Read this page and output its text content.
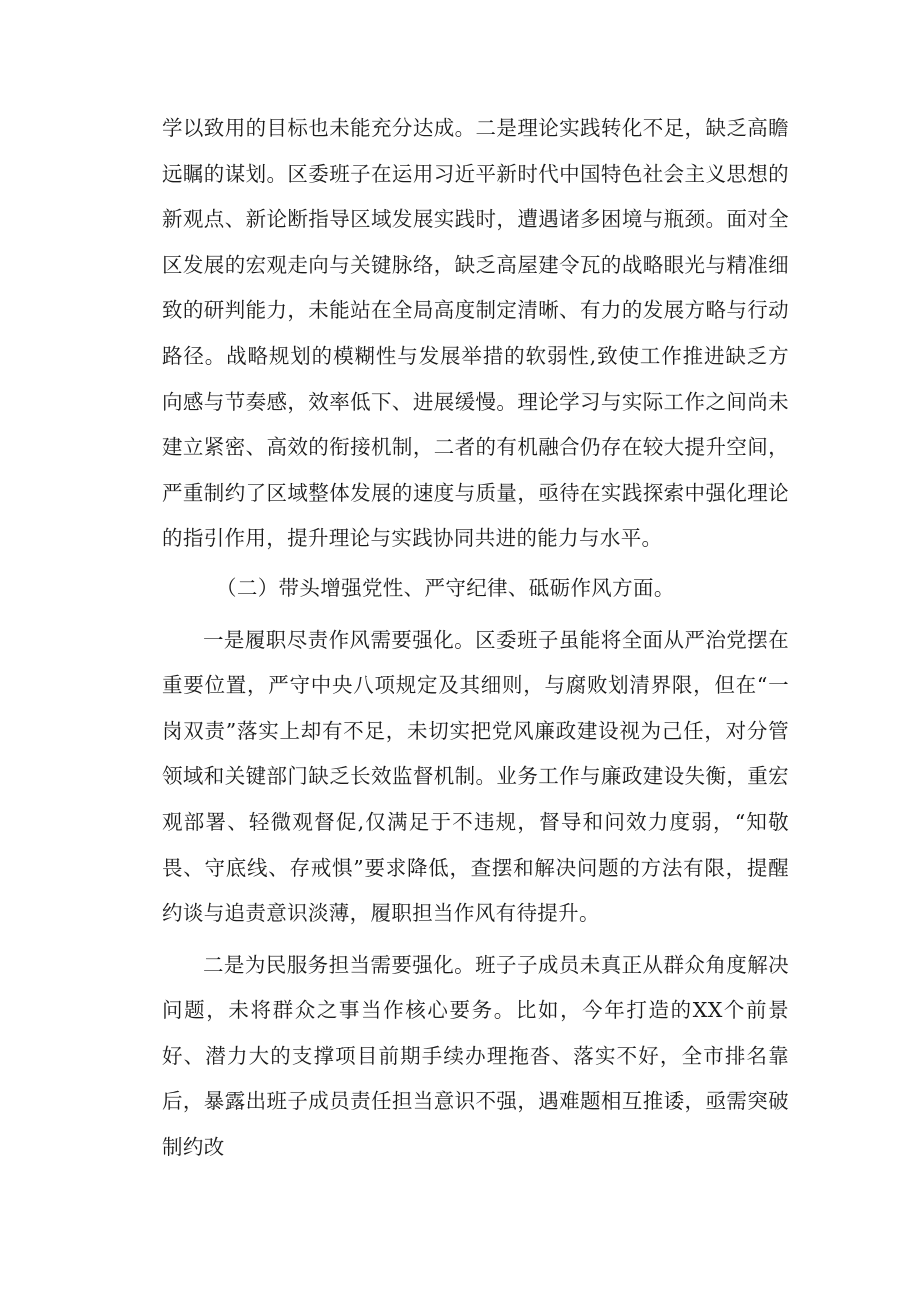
学以致用的目标也未能充分达成。二是理论实践转化不足，缺乏高瞻远瞩的谋划。区委班子在运用习近平新时代中国特色社会主义思想的新观点、新论断指导区域发展实践时，遭遇诸多困境与瓶颈。面对全区发展的宏观走向与关键脉络，缺乏高屋建令瓦的战略眼光与精准细致的研判能力，未能站在全局高度制定清晰、有力的发展方略与行动路径。战略规划的模糊性与发展举措的软弱性,致使工作推进缺乏方向感与节奏感，效率低下、进展缓慢。理论学习与实际工作之间尚未建立紧密、高效的衔接机制，二者的有机融合仍存在较大提升空间，严重制约了区域整体发展的速度与质量，亟待在实践探索中强化理论的指引作用，提升理论与实践协同共进的能力与水平。

（二）带头增强党性、严守纪律、砥砺作风方面。

一是履职尽责作风需要强化。区委班子虽能将全面从严治党摆在重要位置，严守中央八项规定及其细则，与腐败划清界限，但在“一岗双责”落实上却有不足，未切实把党风廉政建设视为己任，对分管领域和关键部门缺乏长效监督机制。业务工作与廉政建设失衡，重宏观部署、轻微观督促,仅满足于不违规，督导和问效力度弱，“知敬畏、守底线、存戒惧”要求降低，查摆和解决问题的方法有限，提醒约谈与追责意识淡薄，履职担当作风有待提升。

二是为民服务担当需要强化。班子子成员未真正从群众角度解决问题，未将群众之事当作核心要务。比如，今年打造的XX个前景好、潜力大的支撑项目前期手续办理拖沓、落实不好，全市排名靠后，暴露出班子成员责任担当意识不强，遇难题相互推诿，亟需突破制约改
